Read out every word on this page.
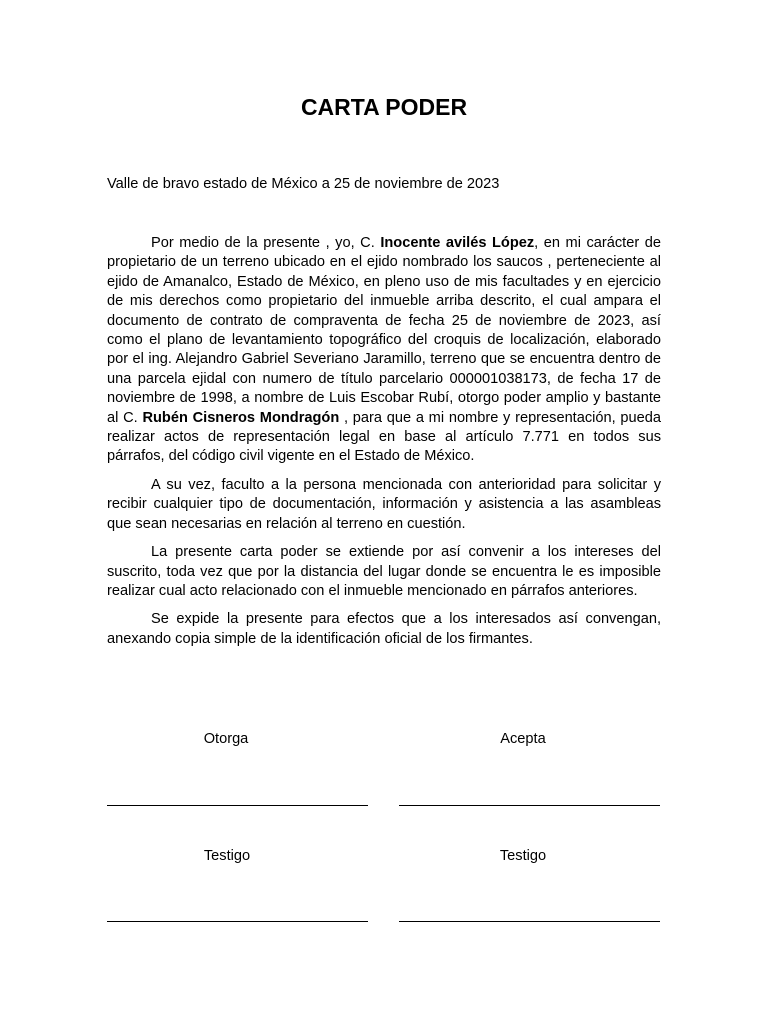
CARTA PODER
Valle de bravo estado de México a 25 de noviembre de 2023

Por medio de la presente , yo, C. Inocente avilés López, en mi carácter de propietario de un terreno ubicado en el ejido nombrado los saucos , perteneciente al ejido de Amanalco, Estado de México, en pleno uso de mis facultades y en ejercicio de mis derechos como propietario del inmueble arriba descrito, el cual ampara el documento de contrato de compraventa de fecha 25 de noviembre de 2023, así como el plano de levantamiento topográfico del croquis de localización, elaborado por el ing. Alejandro Gabriel Severiano Jaramillo, terreno que se encuentra dentro de una parcela ejidal con numero de título parcelario 000001038173, de fecha 17 de noviembre de 1998, a nombre de Luis Escobar Rubí, otorgo poder amplio y bastante al C. Rubén Cisneros Mondragón , para que a mi nombre y representación, pueda realizar actos de representación legal en base al artículo 7.771 en todos sus párrafos, del código civil vigente en el Estado de México.

A su vez, faculto a la persona mencionada con anterioridad para solicitar y recibir cualquier tipo de documentación, información y asistencia a las asambleas que sean necesarias en relación al terreno en cuestión.

La presente carta poder se extiende por así convenir a los intereses del suscrito, toda vez que por la distancia del lugar donde se encuentra le es imposible realizar cual acto relacionado con el inmueble mencionado en párrafos anteriores.

Se expide la presente para efectos que a los interesados así convengan, anexando copia simple de la identificación oficial de los firmantes.

Otorga	Acepta
Testigo	Testigo
